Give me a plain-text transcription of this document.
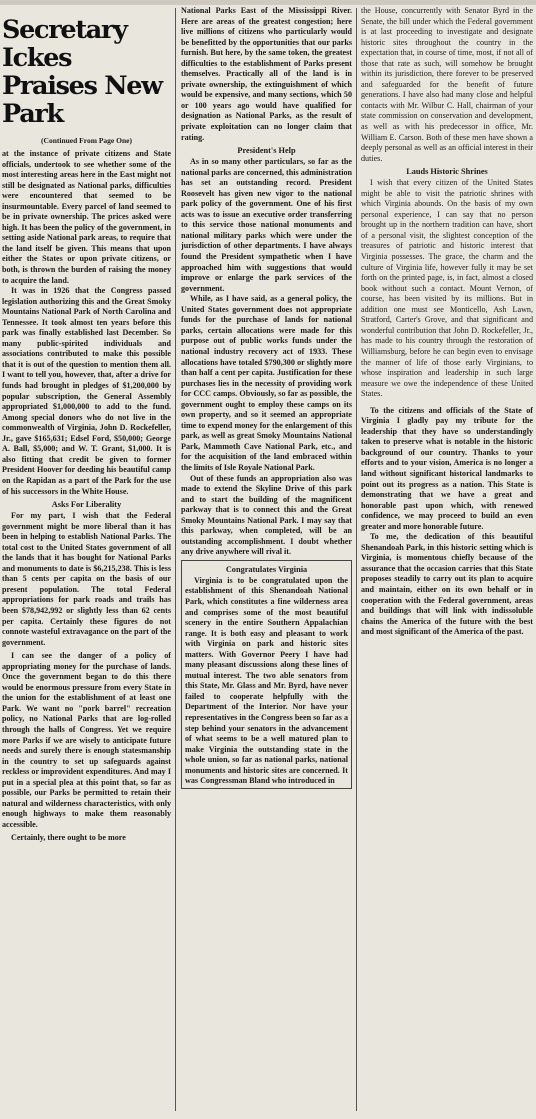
Secretary Ickes
Praises New Park
(Continued From Page One)

at the instance of private citizens and State officials, undertook to see whether some of the most interesting areas here in the East might not still be designated as National parks, difficulties were encountered that seemed to be insurmountable. Every parcel of land seemed to be in private ownership. The prices asked were high. It has been the policy of the government, in setting aside National park areas, to require that the land itself be given. This means that upon either the States or upon private citizens, or both, is thrown the burden of raising the money to acquire the land.

It was in 1926 that the Congress passed legislation authorizing this and the Great Smoky Mountains National Park of North Carolina and Tennessee. It took almost ten years before this park was finally established last December. So many public-spirited individuals and associations contributed to make this possible that it is out of the question to mention them all. I want to tell you, however, that, after a drive for funds had brought in pledges of $1,200,000 by popular subscription, the General Assembly appropriated $1,000,000 to add to the fund. Among special donors who do not live in the commonwealth of Virginia, John D. Rockefeller, Jr., gave $165,631; Edsel Ford, $50,000; George A. Ball, $5,000; and W. T. Grant, $1,000. It is also fitting that credit be given to former President Hoover for deeding his beautiful camp on the Rapidan as a part of the Park for the use of his successors in the White House.

Asks For Liberality

For my part, I wish that the Federal government might be more liberal than it has been in helping to establish National Parks. The total cost to the United States government of all the lands that it has bought for National Parks and monuments to date is $6,215,238. This is less than 5 cents per capita on the basis of our present population. The total Federal appropriations for park roads and trails has been $78,942,992 or slightly less than 62 cents per capita. Certainly these figures do not connote wasteful extravagance on the part of the government.

I can see the danger of a policy of appropriating money for the purchase of lands. Once the government began to do this there would be enormous pressure from every State in the union for the establishment of at least one Park. We want no "pork barrel" recreation policy, no National Parks that are log-rolled through the halls of Congress. Yet we require more Parks if we are wisely to anticipate future needs and surely there is enough statesmanship in the country to set up safeguards against reckless or improvident expenditures. And may I put in a special plea at this point that, so far as possible, our Parks be permitted to retain their natural and wilderness characteristics, with only enough highways to make them reasonably accessible.

Certainly, there ought to be more

National Parks East of the Mississippi River. Here are areas of the greatest congestion; here live millions of citizens who particularly would be benefitted by the opportunities that our parks furnish. But here, by the same token, the greatest difficulties to the establishment of Parks present themselves. Practically all of the land is in private ownership, the extinguishment of which would be expensive, and many sections, which 50 or 100 years ago would have qualified for designation as National Parks, as the result of private exploitation can no longer claim that rating.

President's Help

As in so many other particulars, so far as the national parks are concerned, this administration has set an outstanding record. President Roosevelt has given new vigor to the national park policy of the government. One of his first acts was to issue an executive order transferring to this service those national monuments and national military parks which were under the jurisdiction of other departments. I have always found the President sympathetic when I have approached him with suggestions that would improve or enlarge the park services of the government.

While, as I have said, as a general policy, the United States government does not appropriate funds for the purchase of lands for national parks, certain allocations were made for this purpose out of public works funds under the national industry recovery act of 1933. These allocations have totaled $790,300 or slightly more than half a cent per capita. Justification for these purchases lies in the necessity of providing work for CCC camps. Obviously, so far as possible, the government ought to employ these camps on its own property, and so it seemed an appropriate time to expend money for the enlargement of this park, as well as great Smoky Mountains National Park, Mammoth Cave National Park, etc., and for the acquisition of the land embraced within the limits of Isle Royale National Park.

Out of these funds an appropriation also was made to extend the Skyline Drive of this park and to start the building of the magnificent parkway that is to connect this and the Great Smoky Mountains National Park. I may say that this parkway, when completed, will be an outstanding accomplishment. I doubt whether any drive anywhere will rival it.

Congratulates Virginia

Virginia is to be congratulated upon the establishment of this Shenandoah National Park, which constitutes a fine wilderness area and comprises some of the most beautiful scenery in the entire Southern Appalachian range. It is both easy and pleasant to work with Virginia on park and historic sites matters. With Governor Peery I have had many pleasant discussions along these lines of mutual interest. The two able senators from this State, Mr. Glass and Mr. Byrd, have never failed to cooperate helpfully with the Department of the Interior. Nor have your representatives in the Congress been so far as a step behind your senators in the advancement of what seems to be a well matured plan to make Virginia the outstanding state in the whole union, so far as national parks, national monuments and historic sites are concerned. It was Congressman Bland who introduced in

the House, concurrently with Senator Byrd in the Senate, the bill under which the Federal government is at last proceeding to investigate and designate historic sites throughout the country in the expectation that, in course of time, most, if not all of those that rate as such, will somehow be brought within its jurisdiction, there forever to be preserved and safeguarded for the benefit of future generations. I have also had many close and helpful contacts with Mr. Wilbur C. Hall, chairman of your state commission on conservation and development, as well as with his predecessor in office, Mr. William E. Carson. Both of these men have shown a deeply personal as well as an official interest in their duties.

Lauds Historic Shrines

I wish that every citizen of the United States might be able to visit the patriotic shrines with which Virginia abounds. On the basis of my own personal experience, I can say that no person brought up in the northern tradition can have, short of a personal visit, the slightest conception of the treasures of patriotic and historic interest that Virginia possesses. The grace, the charm and the culture of Virginia life, however fully it may be set forth on the printed page, is, in fact, almost a closed book without such a contact. Mount Vernon, of course, has been visited by its millions. But in addition one must see Monticello, Ash Lawn, Stratford, Carter's Grove, and that significant and wonderful contribution that John D. Rockefeller, Jr., has made to his country through the restoration of Williamsburg, before he can begin even to envisage the manner of life of those early Virginians, to whose inspiration and leadership in such large measure we owe the independence of these United States.

To the citizens and officials of the State of Virginia I gladly pay my tribute for the leadership that they have so understandingly taken to preserve what is notable in the historic background of our country. Thanks to your efforts and to your vision, America is no longer a land without significant historical landmarks to point out its progress as a nation. This State is demonstrating that we have a great and honorable past upon which, with renewed confidence, we may proceed to build an even greater and more honorable future.

To me, the dedication of this beautiful Shenandoah Park, in this historic setting which is Virginia, is momentous chiefly because of the assurance that the occasion carries that this State proposes steadily to carry out its plan to acquire and maintain, either on its own behalf or in cooperation with the Federal government, areas and buildings that will link with indissoluble chains the America of the future with the best and most significant of the America of the past.
